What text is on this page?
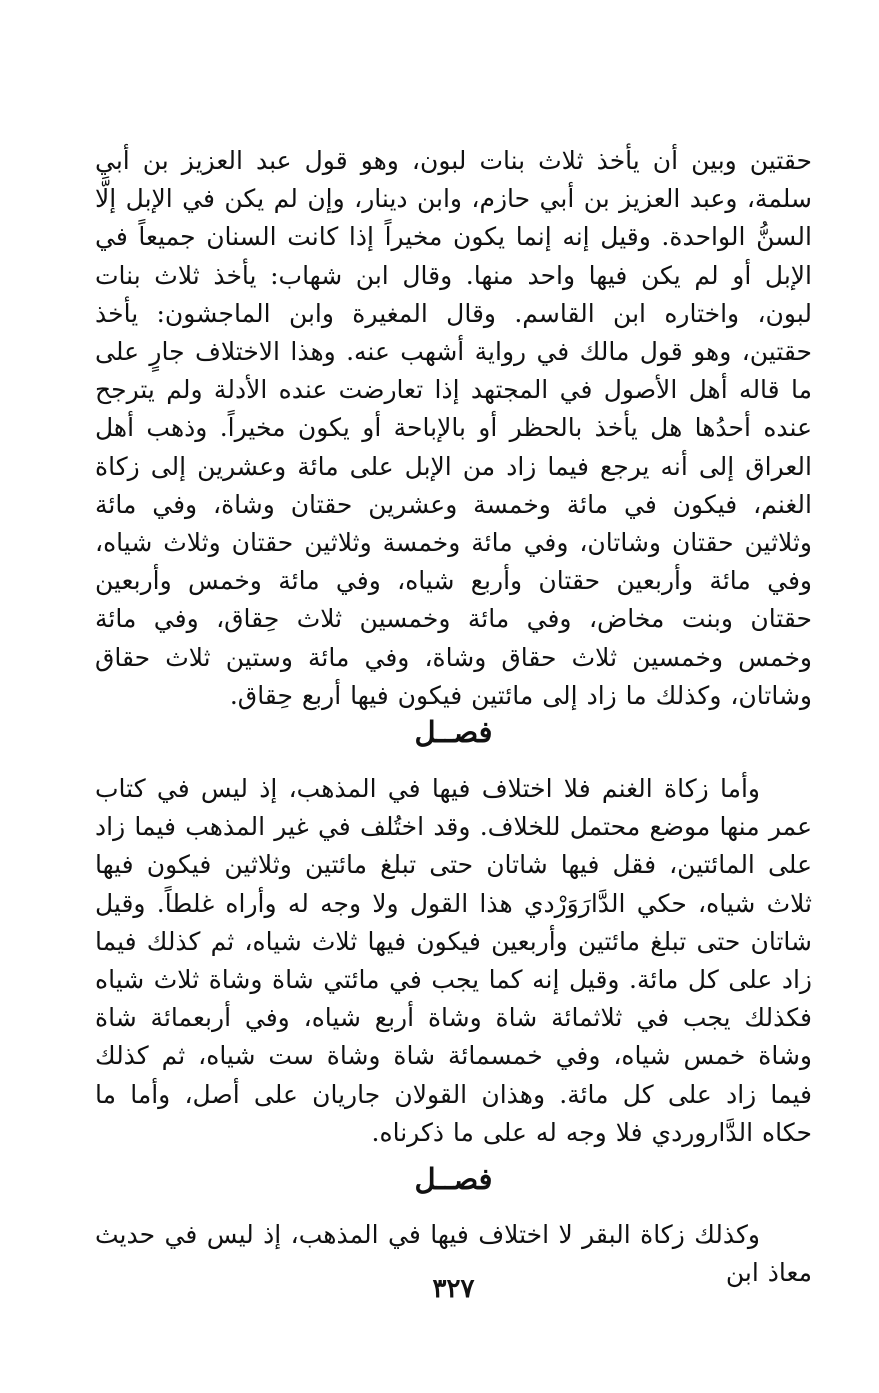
حقتين وبين أن يأخذ ثلاث بنات لبون، وهو قول عبد العزيز بن أبي سلمة، وعبد العزيز بن أبي حازم، وابن دينار، وإن لم يكن في الإبل إلَّا السنُّ الواحدة. وقيل إنه إنما يكون مخيراً إذا كانت السنان جميعاً في الإبل أو لم يكن فيها واحد منها. وقال ابن شهاب: يأخذ ثلاث بنات لبون، واختاره ابن القاسم. وقال المغيرة وابن الماجشون: يأخذ حقتين، وهو قول مالك في رواية أشهب عنه. وهذا الاختلاف جارٍ على ما قاله أهل الأصول في المجتهد إذا تعارضت عنده الأدلة ولم يترجح عنده أحدُها هل يأخذ بالحظر أو بالإباحة أو يكون مخيراً. وذهب أهل العراق إلى أنه يرجع فيما زاد من الإبل على مائة وعشرين إلى زكاة الغنم، فيكون في مائة وخمسة وعشرين حقتان وشاة، وفي مائة وثلاثين حقتان وشاتان، وفي مائة وخمسة وثلاثين حقتان وثلاث شياه، وفي مائة وأربعين حقتان وأربع شياه، وفي مائة وخمس وأربعين حقتان وبنت مخاض، وفي مائة وخمسين ثلاث حِقاق، وفي مائة وخمس وخمسين ثلاث حقاق وشاة، وفي مائة وستين ثلاث حقاق وشاتان، وكذلك ما زاد إلى مائتين فيكون فيها أربع حِقاق.

فصــل

وأما زكاة الغنم فلا اختلاف فيها في المذهب، إذ ليس في كتاب عمر منها موضع محتمل للخلاف. وقد اختُلف في غير المذهب فيما زاد على المائتين، فقل فيها شاتان حتى تبلغ مائتين وثلاثين فيكون فيها ثلاث شياه، حكي الدَّارَوَرْدي هذا القول ولا وجه له وأراه غلطاً. وقيل شاتان حتى تبلغ مائتين وأربعين فيكون فيها ثلاث شياه، ثم كذلك فيما زاد على كل مائة. وقيل إنه كما يجب في مائتي شاة وشاة ثلاث شياه فكذلك يجب في ثلاثمائة شاة وشاة أربع شياه، وفي أربعمائة شاة وشاة خمس شياه، وفي خمسمائة شاة وشاة ست شياه، ثم كذلك فيما زاد على كل مائة. وهذان القولان جاريان على أصل، وأما ما حكاه الدَّاروردي فلا وجه له على ما ذكرناه.

فصــل

وكذلك زكاة البقر لا اختلاف فيها في المذهب، إذ ليس في حديث معاذ ابن

٣٢٧
